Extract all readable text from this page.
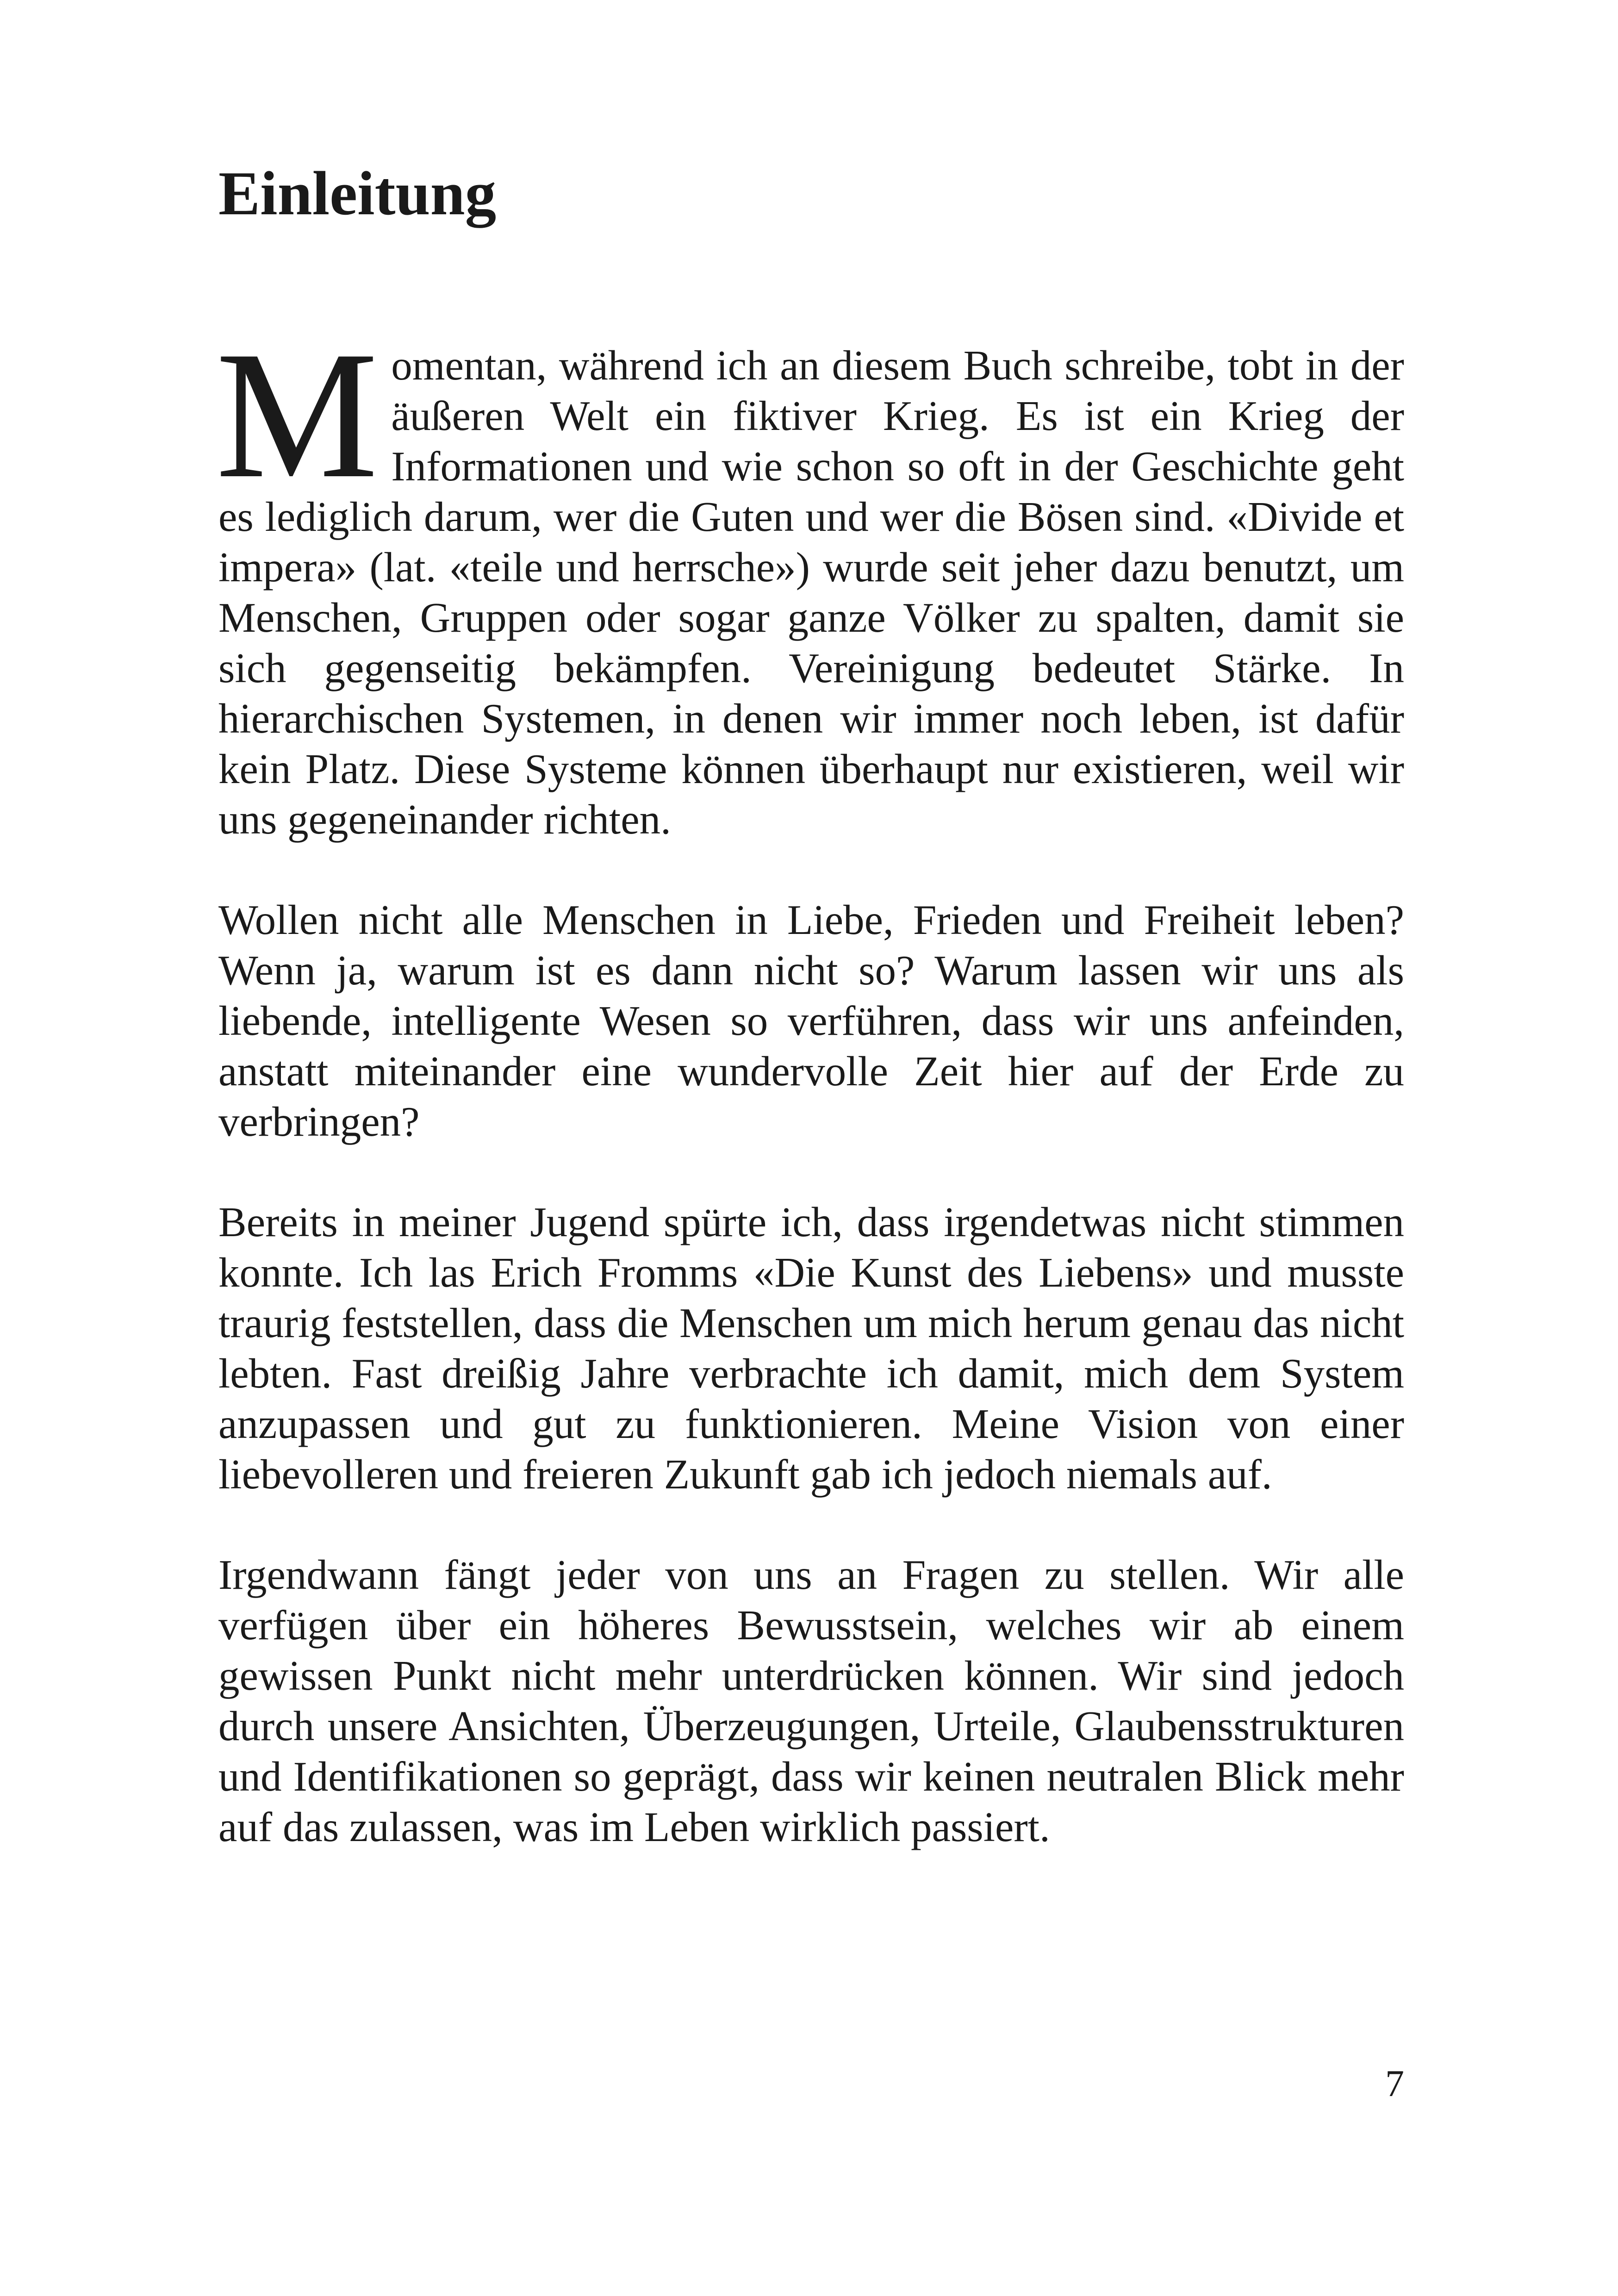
Einleitung

Momentan, während ich an diesem Buch schreibe, tobt in der äußeren Welt ein fiktiver Krieg. Es ist ein Krieg der Informationen und wie schon so oft in der Geschichte geht es lediglich darum, wer die Guten und wer die Bösen sind. «Divide et impera» (lat. «teile und herrsche») wurde seit jeher dazu benutzt, um Menschen, Gruppen oder sogar ganze Völker zu spalten, damit sie sich gegenseitig bekämpfen. Vereinigung bedeutet Stärke. In hierarchischen Systemen, in denen wir immer noch leben, ist dafür kein Platz. Diese Systeme können überhaupt nur existieren, weil wir uns gegeneinander richten.

Wollen nicht alle Menschen in Liebe, Frieden und Freiheit leben? Wenn ja, warum ist es dann nicht so? Warum lassen wir uns als liebende, intelligente Wesen so verführen, dass wir uns anfeinden, anstatt miteinander eine wundervolle Zeit hier auf der Erde zu verbringen?

Bereits in meiner Jugend spürte ich, dass irgendetwas nicht stimmen konnte. Ich las Erich Fromms «Die Kunst des Liebens» und musste traurig feststellen, dass die Menschen um mich herum genau das nicht lebten. Fast dreißig Jahre verbrachte ich damit, mich dem System anzupassen und gut zu funktionieren. Meine Vision von einer liebevolleren und freieren Zukunft gab ich jedoch niemals auf.

Irgendwann fängt jeder von uns an Fragen zu stellen. Wir alle verfügen über ein höheres Bewusstsein, welches wir ab einem gewissen Punkt nicht mehr unterdrücken können. Wir sind jedoch durch unsere Ansichten, Überzeugungen, Urteile, Glaubensstrukturen und Identifikationen so geprägt, dass wir keinen neutralen Blick mehr auf das zulassen, was im Leben wirklich passiert.

7
